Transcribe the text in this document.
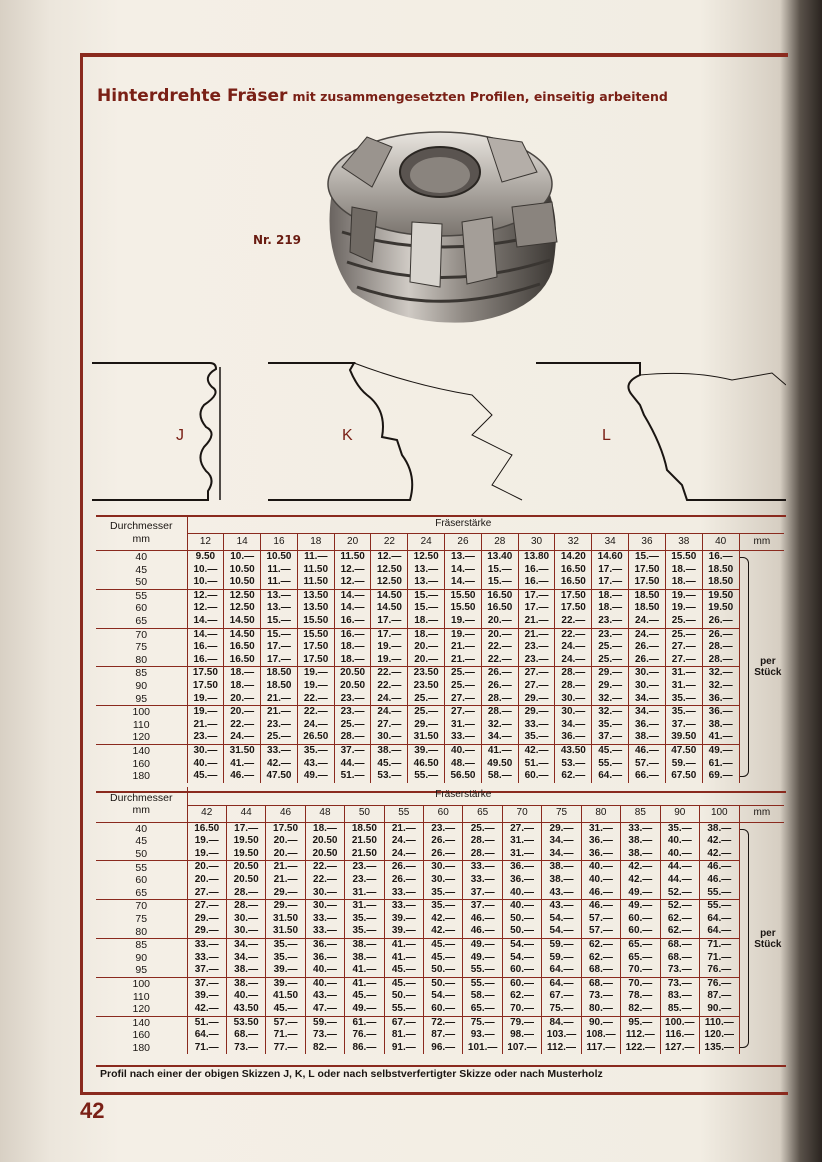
Hinterdrehte Fräser mit zusammengesetzten Profilen, einseitig arbeitend
Nr. 219
J	K	L
Durchmesser
mm	Fräserstärke															
	12	14	16	18	20	22	24	26	28	30	32	34	36	38	40	mm
40	9.50	10.—	10.50	11.—	11.50	12.—	12.50	13.—	13.40	13.80	14.20	14.60	15.—	15.50	16.—	per
Stück

45	10.—	10.50	11.—	11.50	12.—	12.50	13.—	14.—	15.—	16.—	16.50	17.—	17.50	18.—	18.50	
50	10.—	10.50	11.—	11.50	12.—	12.50	13.—	14.—	15.—	16.—	16.50	17.—	17.50	18.—	18.50	
55	12.—	12.50	13.—	13.50	14.—	14.50	15.—	15.50	16.50	17.—	17.50	18.—	18.50	19.—	19.50	
60	12.—	12.50	13.—	13.50	14.—	14.50	15.—	15.50	16.50	17.—	17.50	18.—	18.50	19.—	19.50	
65	14.—	14.50	15.—	15.50	16.—	17.—	18.—	19.—	20.—	21.—	22.—	23.—	24.—	25.—	26.—	
70	14.—	14.50	15.—	15.50	16.—	17.—	18.—	19.—	20.—	21.—	22.—	23.—	24.—	25.—	26.—	
75	16.—	16.50	17.—	17.50	18.—	19.—	20.—	21.—	22.—	23.—	24.—	25.—	26.—	27.—	28.—	
80	16.—	16.50	17.—	17.50	18.—	19.—	20.—	21.—	22.—	23.—	24.—	25.—	26.—	27.—	28.—	
85	17.50	18.—	18.50	19.—	20.50	22.—	23.50	25.—	26.—	27.—	28.—	29.—	30.—	31.—	32.—	
90	17.50	18.—	18.50	19.—	20.50	22.—	23.50	25.—	26.—	27.—	28.—	29.—	30.—	31.—	32.—	
95	19.—	20.—	21.—	22.—	23.—	24.—	25.—	27.—	28.—	29.—	30.—	32.—	34.—	35.—	36.—	
100	19.—	20.—	21.—	22.—	23.—	24.—	25.—	27.—	28.—	29.—	30.—	32.—	34.—	35.—	36.—	
110	21.—	22.—	23.—	24.—	25.—	27.—	29.—	31.—	32.—	33.—	34.—	35.—	36.—	37.—	38.—	
120	23.—	24.—	25.—	26.50	28.—	30.—	31.50	33.—	34.—	35.—	36.—	37.—	38.—	39.50	41.—	
140	30.—	31.50	33.—	35.—	37.—	38.—	39.—	40.—	41.—	42.—	43.50	45.—	46.—	47.50	49.—	
160	40.—	41.—	42.—	43.—	44.—	45.—	46.50	48.—	49.50	51.—	53.—	55.—	57.—	59.—	61.—	
180	45.—	46.—	47.50	49.—	51.—	53.—	55.—	56.50	58.—	60.—	62.—	64.—	66.—	67.50	69.—	
Durchmesser
mm	Fräserstärke														
	42	44	46	48	50	55	60	65	70	75	80	85	90	100	mm
40	16.50	17.—	17.50	18.—	18.50	21.—	23.—	25.—	27.—	29.—	31.—	33.—	35.—	38.—	per
Stück

45	19.—	19.50	20.—	20.50	21.50	24.—	26.—	28.—	31.—	34.—	36.—	38.—	40.—	42.—	
50	19.—	19.50	20.—	20.50	21.50	24.—	26.—	28.—	31.—	34.—	36.—	38.—	40.—	42.—	
55	20.—	20.50	21.—	22.—	23.—	26.—	30.—	33.—	36.—	38.—	40.—	42.—	44.—	46.—	
60	20.—	20.50	21.—	22.—	23.—	26.—	30.—	33.—	36.—	38.—	40.—	42.—	44.—	46.—	
65	27.—	28.—	29.—	30.—	31.—	33.—	35.—	37.—	40.—	43.—	46.—	49.—	52.—	55.—	
70	27.—	28.—	29.—	30.—	31.—	33.—	35.—	37.—	40.—	43.—	46.—	49.—	52.—	55.—	
75	29.—	30.—	31.50	33.—	35.—	39.—	42.—	46.—	50.—	54.—	57.—	60.—	62.—	64.—	
80	29.—	30.—	31.50	33.—	35.—	39.—	42.—	46.—	50.—	54.—	57.—	60.—	62.—	64.—	
85	33.—	34.—	35.—	36.—	38.—	41.—	45.—	49.—	54.—	59.—	62.—	65.—	68.—	71.—	
90	33.—	34.—	35.—	36.—	38.—	41.—	45.—	49.—	54.—	59.—	62.—	65.—	68.—	71.—	
95	37.—	38.—	39.—	40.—	41.—	45.—	50.—	55.—	60.—	64.—	68.—	70.—	73.—	76.—	
100	37.—	38.—	39.—	40.—	41.—	45.—	50.—	55.—	60.—	64.—	68.—	70.—	73.—	76.—	
110	39.—	40.—	41.50	43.—	45.—	50.—	54.—	58.—	62.—	67.—	73.—	78.—	83.—	87.—	
120	42.—	43.50	45.—	47.—	49.—	55.—	60.—	65.—	70.—	75.—	80.—	82.—	85.—	90.—	
140	51.—	53.50	57.—	59.—	61.—	67.—	72.—	75.—	79.—	84.—	90.—	95.—	100.—	110.—	
160	64.—	68.—	71.—	73.—	76.—	81.—	87.—	93.—	98.—	103.—	108.—	112.—	116.—	120.—	
180	71.—	73.—	77.—	82.—	86.—	91.—	96.—	101.—	107.—	112.—	117.—	122.—	127.—	135.—	
Profil nach einer der obigen Skizzen J, K, L oder nach selbstverfertigter Skizze oder nach Musterholz
42
